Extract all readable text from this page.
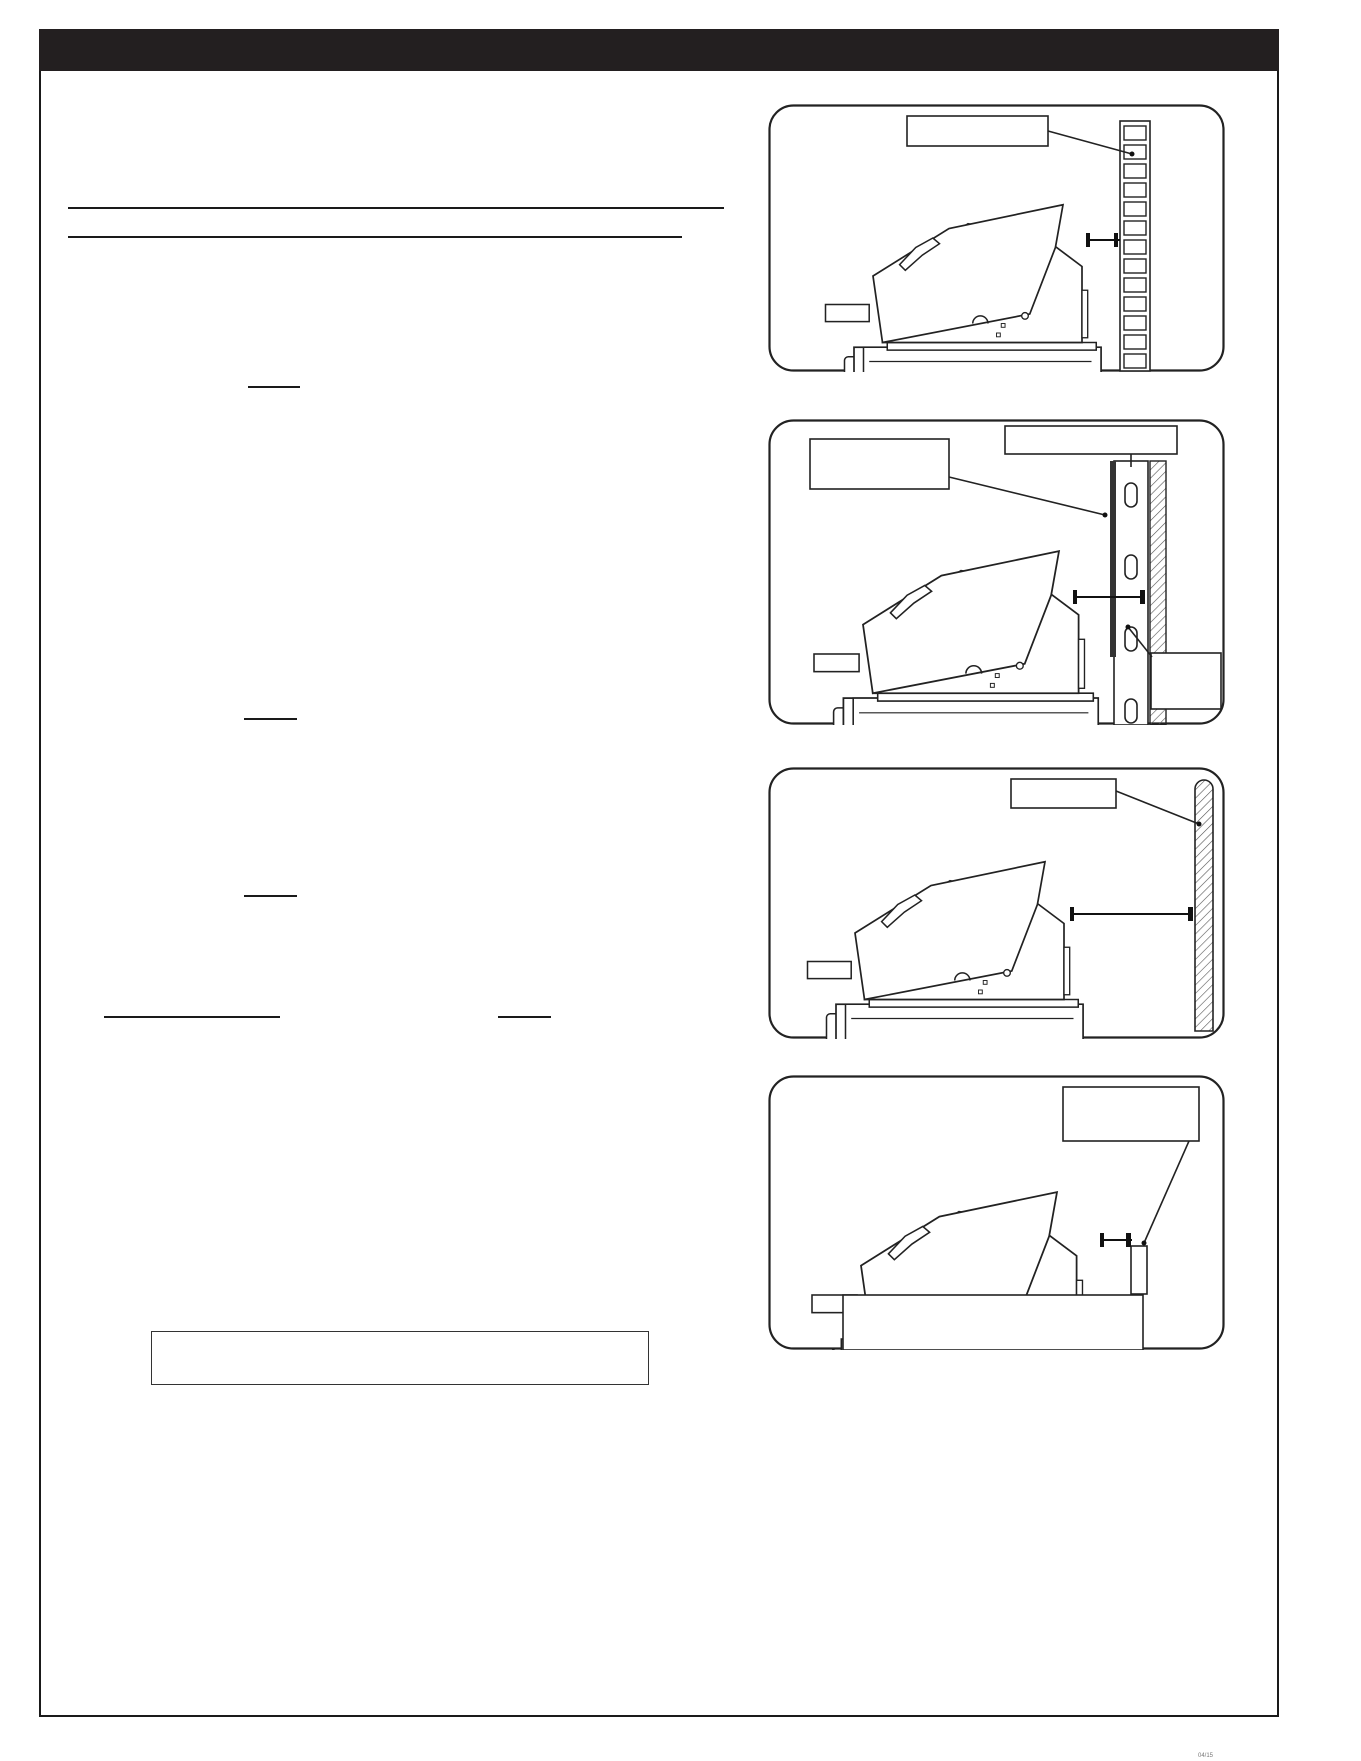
04/15
